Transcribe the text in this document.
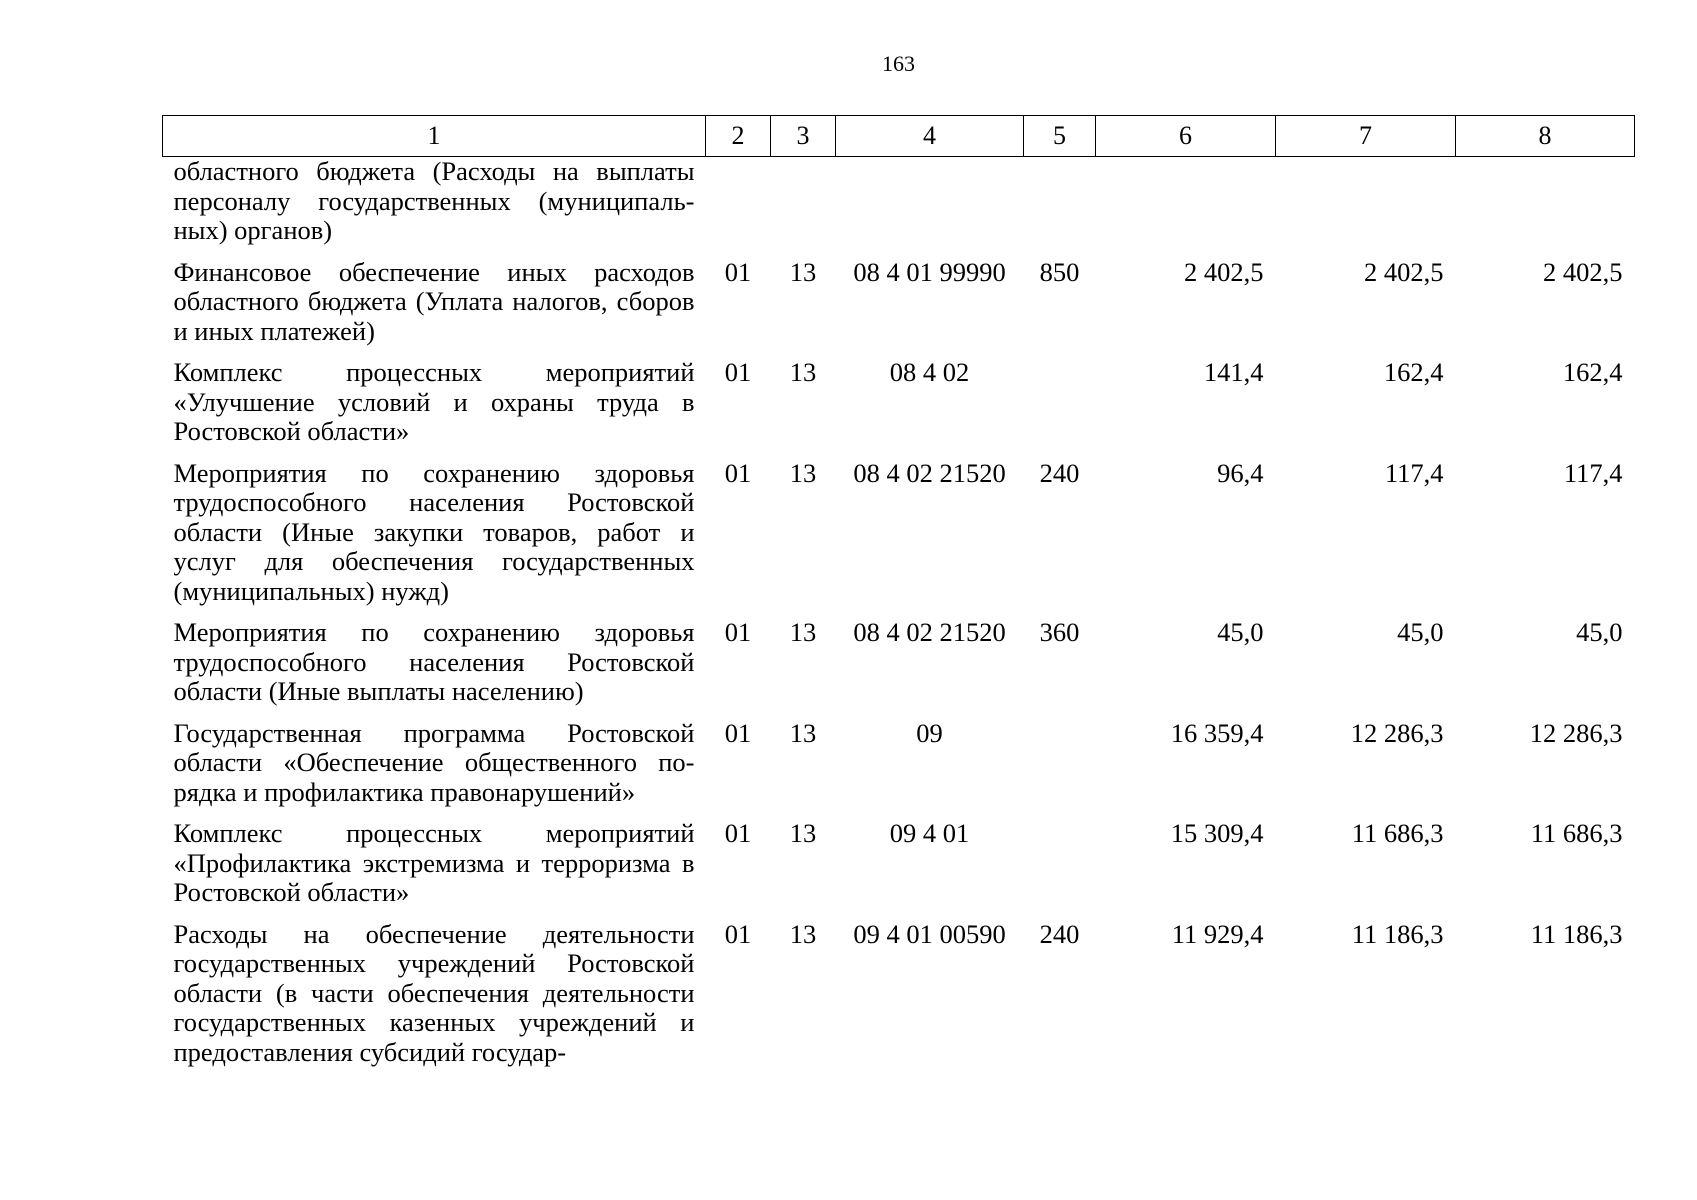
163
1	2	3	4	5	6	7	8
областного бюджета (Расходы на выплаты персоналу государственных (муниципальных) органов)							
Финансовое обеспечение иных расходов областного бюджета (Уплата налогов, сборов и иных платежей)	01	13	08 4 01 99990	850	2 402,5	2 402,5	2 402,5
Комплекс процессных мероприятий «Улучшение условий и охраны труда в Ростовской области»	01	13	08 4 02		141,4	162,4	162,4
Мероприятия по сохранению здоровья трудоспособного населения Ростовской области (Иные закупки товаров, работ и услуг для обеспечения государственных (муниципальных) нужд)	01	13	08 4 02 21520	240	96,4	117,4	117,4
Мероприятия по сохранению здоровья трудоспособного населения Ростовской области (Иные выплаты населению)	01	13	08 4 02 21520	360	45,0	45,0	45,0
Государственная программа Ростовской области «Обеспечение общественного порядка и профилактика правонарушений»	01	13	09		16 359,4	12 286,3	12 286,3
Комплекс процессных мероприятий «Профилактика экстремизма и терроризма в Ростовской области»	01	13	09 4 01		15 309,4	11 686,3	11 686,3
Расходы на обеспечение деятельности государственных учреждений Ростовской области (в части обеспечения деятельности государственных казенных учреждений и предоставления субсидий государ-	01	13	09 4 01 00590	240	11 929,4	11 186,3	11 186,3
